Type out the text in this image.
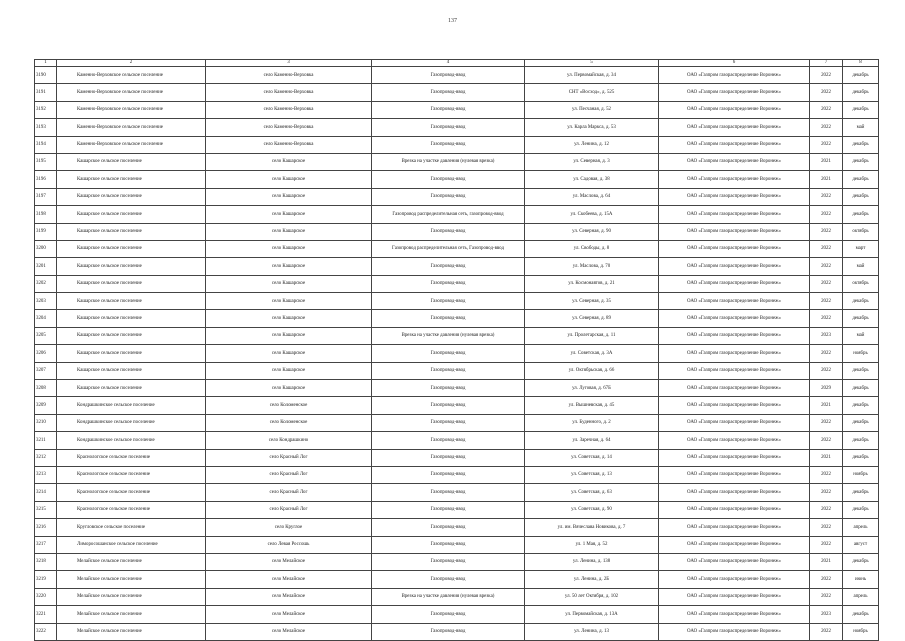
137
1	2	3	4	5	6	7	8
3190	Каменно-Верховское сельское поселение	село Каменно-Верховка	Газопровод-ввод	ул. Первомайская, д. 34	ОАО «Газпром газораспределение Воронеж»	2022	декабрь
3191	Каменно-Верховское сельское поселение	село Каменно-Верховка	Газопровод-ввод	СНТ «Восход», д. 525	ОАО «Газпром газораспределение Воронеж»	2022	декабрь
3192	Каменно-Верховское сельское поселение	село Каменно-Верховка	Газопровод-ввод	ул. Песчаная, д. 52	ОАО «Газпром газораспределение Воронеж»	2022	декабрь
3193	Каменно-Верховское сельское поселение	село Каменно-Верховка	Газопровод-ввод	ул. Карла Маркса, д. 53	ОАО «Газпром газораспределение Воронеж»	2022	май
3194	Каменно-Верховское сельское поселение	село Каменно-Верховка	Газопровод-ввод	ул. Ленина, д. 12	ОАО «Газпром газораспределение Воронеж»	2022	декабрь
3195	Кашарское сельское поселение	село Кашарское	Врезка на участке давления (нулевая врезка)	ул. Северная, д. 3	ОАО «Газпром газораспределение Воронеж»	2021	декабрь
3196	Кашарское сельское поселение	село Кашарское	Газопровод-ввод	ул. Садовая, д. 38	ОАО «Газпром газораспределение Воронеж»	2021	декабрь
3197	Кашарское сельское поселение	село Кашарское	Газопровод-ввод	ул. Маслова, д. 64	ОАО «Газпром газораспределение Воронеж»	2022	декабрь
3198	Кашарское сельское поселение	село Кашарское	Газопровод распределительная сеть, газопровод-ввод	ул. Скобеева, д. 15А	ОАО «Газпром газораспределение Воронеж»	2022	декабрь
3199	Кашарское сельское поселение	село Кашарское	Газопровод-ввод	ул. Северная, д. 90	ОАО «Газпром газораспределение Воронеж»	2022	октябрь
3200	Кашарское сельское поселение	село Кашарское	Газопровод распределительная сеть, Газопровод-ввод	ул. Свободы, д. 8	ОАО «Газпром газораспределение Воронеж»	2022	март
3201	Кашарское сельское поселение	село Кашарское	Газопровод-ввод	ул. Маслова, д. 70	ОАО «Газпром газораспределение Воронеж»	2022	май
3202	Кашарское сельское поселение	село Кашарское	Газопровод-ввод	ул. Космонавтов, д. 21	ОАО «Газпром газораспределение Воронеж»	2022	октябрь
3203	Кашарское сельское поселение	село Кашарское	Газопровод-ввод	ул. Северная, д. 35	ОАО «Газпром газораспределение Воронеж»	2022	декабрь
3204	Кашарское сельское поселение	село Кашарское	Газопровод-ввод	ул. Северная, д. 89	ОАО «Газпром газораспределение Воронеж»	2022	декабрь
3205	Кашарское сельское поселение	село Кашарское	Врезка на участке давления (нулевая врезка)	ул. Пролетарская, д. 11	ОАО «Газпром газораспределение Воронеж»	2023	май
3206	Кашарское сельское поселение	село Кашарское	Газопровод-ввод	ул. Советская, д. 3А	ОАО «Газпром газораспределение Воронеж»	2022	ноябрь
3207	Кашарское сельское поселение	село Кашарское	Газопровод-ввод	ул. Октябрьская, д. 66	ОАО «Газпром газораспределение Воронеж»	2022	декабрь
3208	Кашарское сельское поселение	село Кашарское	Газопровод-ввод	ул. Луговая, д. 67Б	ОАО «Газпром газораспределение Воронеж»	2029	декабрь
3209	Кондрашкинское сельское поселение	село Коломенское	Газопровод-ввод	ул. Вышневская, д. 45	ОАО «Газпром газораспределение Воронеж»	2021	декабрь
3210	Кондрашкинское сельское поселение	село Коломенское	Газопровод-ввод	ул. Буденного, д. 2	ОАО «Газпром газораспределение Воронеж»	2022	декабрь
3211	Кондрашкинское сельское поселение	село Кондрашкино	Газопровод-ввод	ул. Заречная, д. 64	ОАО «Газпром газораспределение Воронеж»	2022	декабрь
3212	Краснологское сельское поселение	село Красный Лог	Газопровод-ввод	ул. Советская, д. 14	ОАО «Газпром газораспределение Воронеж»	2021	декабрь
3213	Краснологское сельское поселение	село Красный Лог	Газопровод-ввод	ул. Советская, д. 13	ОАО «Газпром газораспределение Воронеж»	2022	ноябрь
3214	Краснологское сельское поселение	село Красный Лог	Газопровод-ввод	ул. Советская, д. 63	ОАО «Газпром газораспределение Воронеж»	2022	декабрь
3215	Краснологское сельское поселение	село Красный Лог	Газопровод-ввод	ул. Советская, д. 90	ОАО «Газпром газораспределение Воронеж»	2022	декабрь
3216	Кругловское сельское поселение	село Круглое	Газопровод-ввод	ул. им. Вячеслава Новикова, д. 7	ОАО «Газпром газораспределение Воронеж»	2022	апрель
3217	Лиморосошанское сельское поселение	село Левая Россошь	Газопровод-ввод	ул. 1 Мая, д. 52	ОАО «Газпром газораспределение Воронеж»	2022	август
3218	Мелайское сельское поселение	село Мелайское	Газопровод-ввод	ул. Ленина, д. 138	ОАО «Газпром газораспределение Воронеж»	2021	декабрь
3219	Мелайское сельское поселение	село Мелайское	Газопровод-ввод	ул. Ленина, д. 2Б	ОАО «Газпром газораспределение Воронеж»	2022	июнь
3220	Мелайское сельское поселение	село Мелайское	Врезка на участке давления (нулевая врезка)	ул. 50 лет Октября, д. 102	ОАО «Газпром газораспределение Воронеж»	2022	апрель
3221	Мелайское сельское поселение	село Мелайское	Газопровод-ввод	ул. Первомайская, д. 13А	ОАО «Газпром газораспределение Воронеж»	2023	декабрь
3222	Мелайское сельское поселение	село Мелайское	Газопровод-ввод	ул. Ленина, д. 13	ОАО «Газпром газораспределение Воронеж»	2022	ноябрь
